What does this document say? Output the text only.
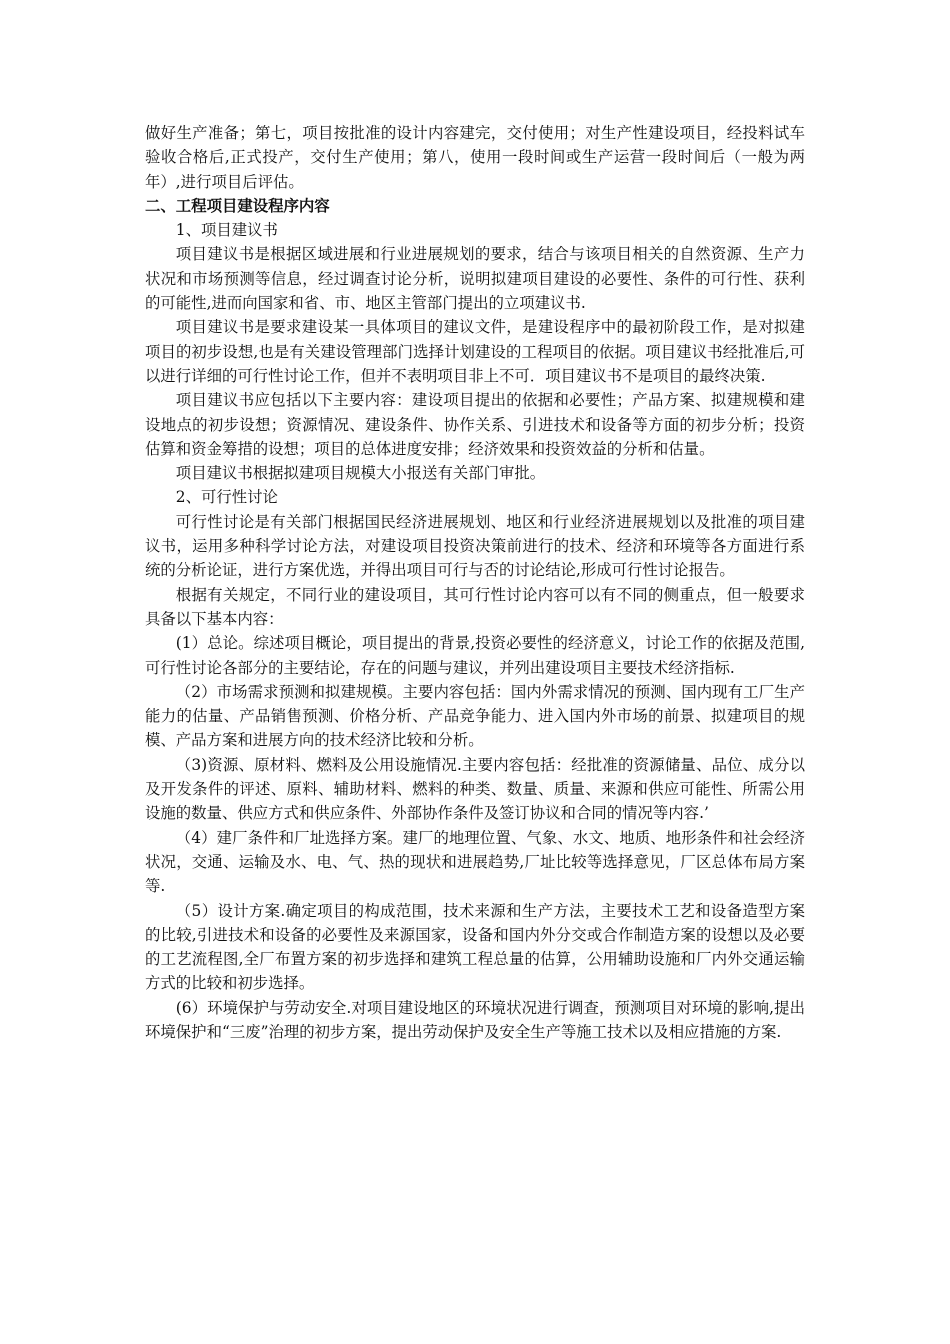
做好生产准备；第七，项目按批准的设计内容建完，交付使用；对生产性建设项目，经投料试车验收合格后,正式投产，交付生产使用；第八，使用一段时间或生产运营一段时间后（一般为两年）,进行项目后评估。

二、工程项目建设程序内容

1、项目建议书

项目建议书是根据区域进展和行业进展规划的要求，结合与该项目相关的自然资源、生产力状况和市场预测等信息，经过调查讨论分析，说明拟建项目建设的必要性、条件的可行性、获利的可能性,进而向国家和省、市、地区主管部门提出的立项建议书.

项目建议书是要求建设某一具体项目的建议文件，是建设程序中的最初阶段工作，是对拟建项目的初步设想,也是有关建设管理部门选择计划建设的工程项目的依据。项目建议书经批准后,可以进行详细的可行性讨论工作，但并不表明项目非上不可．项目建议书不是项目的最终决策.

项目建议书应包括以下主要内容：建设项目提出的依据和必要性；产品方案、拟建规模和建设地点的初步设想；资源情况、建设条件、协作关系、引进技术和设备等方面的初步分析；投资估算和资金筹措的设想；项目的总体进度安排；经济效果和投资效益的分析和估量。

项目建议书根据拟建项目规模大小报送有关部门审批。

2、可行性讨论

可行性讨论是有关部门根据国民经济进展规划、地区和行业经济进展规划以及批准的项目建议书，运用多种科学讨论方法，对建设项目投资决策前进行的技术、经济和环境等各方面进行系统的分析论证，进行方案优选，并得出项目可行与否的讨论结论,形成可行性讨论报告。

根据有关规定，不同行业的建设项目，其可行性讨论内容可以有不同的侧重点，但一般要求具备以下基本内容：

(1）总论。综述项目概论，项目提出的背景,投资必要性的经济意义，讨论工作的依据及范围,可行性讨论各部分的主要结论，存在的问题与建议，并列出建设项目主要技术经济指标.

（2）市场需求预测和拟建规模。主要内容包括：国内外需求情况的预测、国内现有工厂生产能力的估量、产品销售预测、价格分析、产品竞争能力、进入国内外市场的前景、拟建项目的规模、产品方案和进展方向的技术经济比较和分析。

（3)资源、原材料、燃料及公用设施情况.主要内容包括：经批准的资源储量、品位、成分以及开发条件的评述、原料、辅助材料、燃料的种类、数量、质量、来源和供应可能性、所需公用设施的数量、供应方式和供应条件、外部协作条件及签订协议和合同的情况等内容.’

（4）建厂条件和厂址选择方案。建厂的地理位置、气象、水文、地质、地形条件和社会经济状况，交通、运输及水、电、气、热的现状和进展趋势,厂址比较等选择意见，厂区总体布局方案等.

（5）设计方案.确定项目的构成范围，技术来源和生产方法，主要技术工艺和设备造型方案的比较,引进技术和设备的必要性及来源国家，设备和国内外分交或合作制造方案的设想以及必要的工艺流程图,全厂布置方案的初步选择和建筑工程总量的估算，公用辅助设施和厂内外交通运输方式的比较和初步选择。

(6）环境保护与劳动安全.对项目建设地区的环境状况进行调查，预测项目对环境的影响,提出环境保护和“三废”治理的初步方案，提出劳动保护及安全生产等施工技术以及相应措施的方案.
